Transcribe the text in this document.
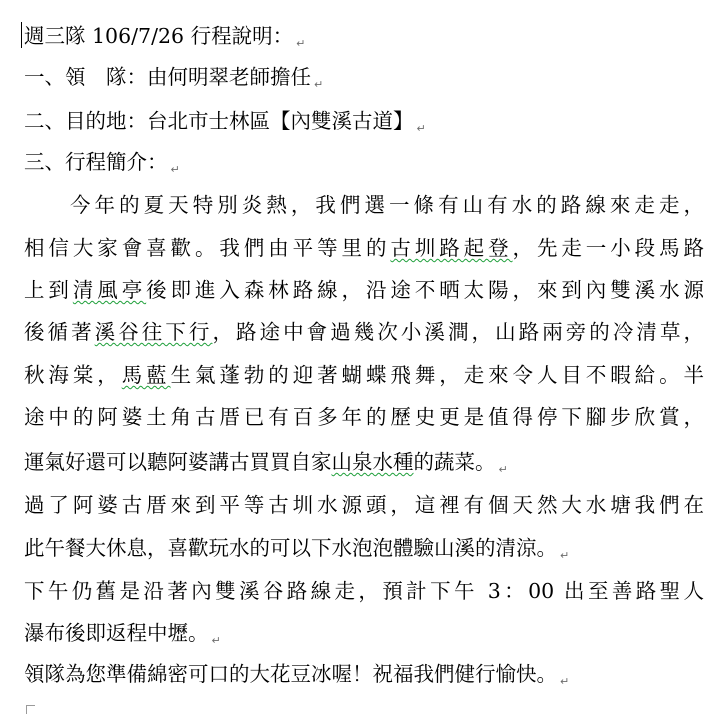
週三隊 106/7/26 行程說明： ↵
一、領　隊：由何明翠老師擔任 ↵
二、目的地：台北市士林區【內雙溪古道】 ↵
三、行程簡介： ↵
今年的夏天特別炎熱，我們選一條有山有水的路線來走走，
相信大家會喜歡。我們由平等里的古圳路起登，先走一小段馬路
上到清風亭後即進入森林路線，沿途不晒太陽，來到內雙溪水源
後循著溪谷往下行，路途中會過幾次小溪澗，山路兩旁的冷清草，
秋海棠，馬藍生氣蓬勃的迎著蝴蝶飛舞，走來令人目不暇給。半
途中的阿婆土角古厝已有百多年的歷史更是值得停下腳步欣賞，
運氣好還可以聽阿婆講古買買自家山泉水種的蔬菜。 ↵
過了阿婆古厝來到平等古圳水源頭，這裡有個天然大水塘我們在
此午餐大休息，喜歡玩水的可以下水泡泡體驗山溪的清涼。 ↵
下午仍舊是沿著內雙溪谷路線走，預計下午 3：00 出至善路聖人
瀑布後即返程中壢。 ↵
領隊為您準備綿密可口的大花豆冰喔！祝福我們健行愉快。 ↵
